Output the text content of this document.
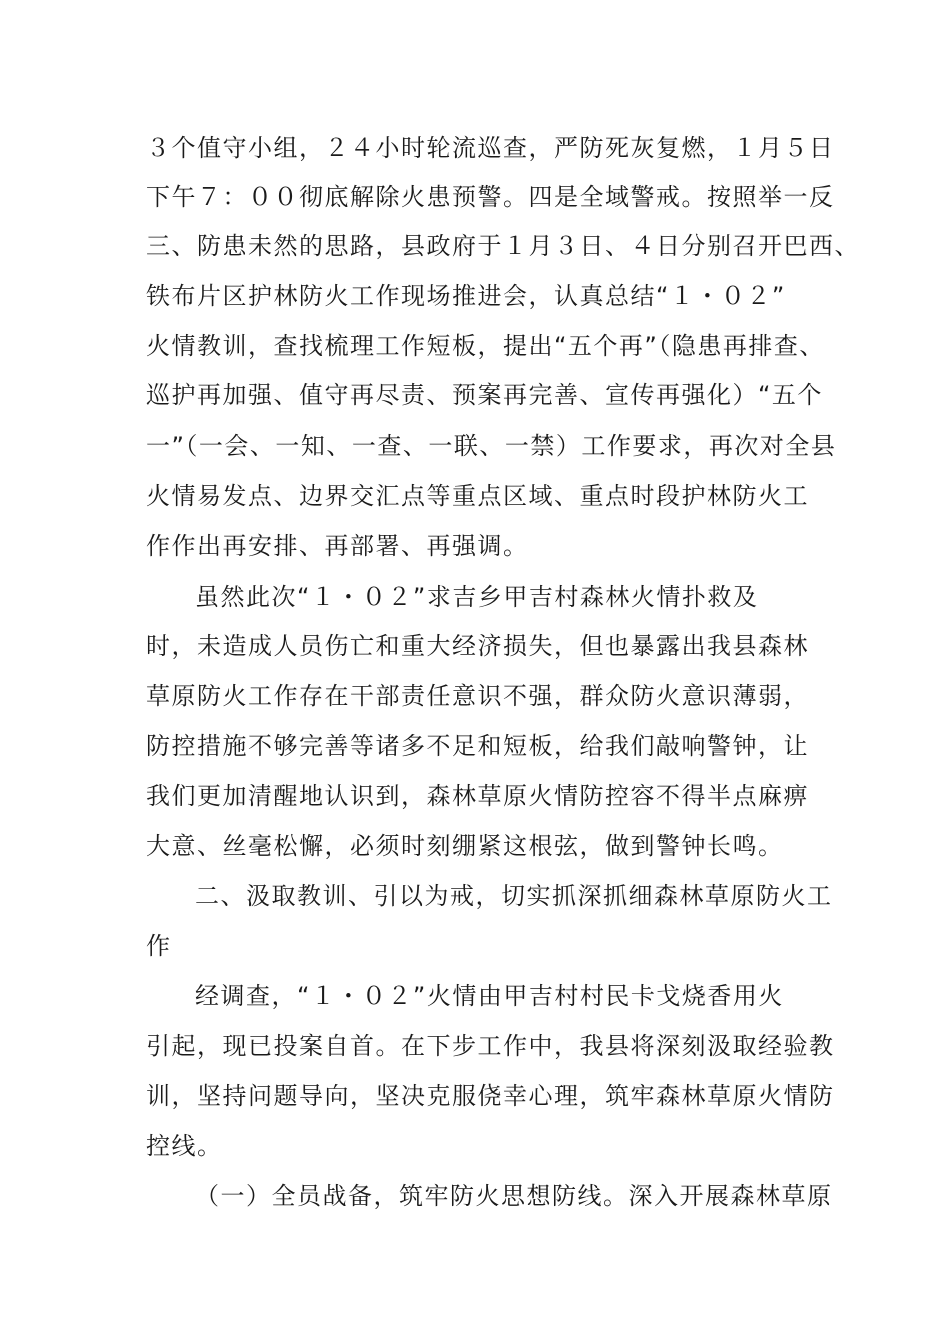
３个值守小组，２４小时轮流巡查，严防死灰复燃，１月５日
下午７：００彻底解除火患预警。四是全域警戒。按照举一反
三、防患未然的思路，县政府于１月３日、４日分别召开巴西、
铁布片区护林防火工作现场推进会，认真总结“１・０２”
火情教训，查找梳理工作短板，提出“五个再”（隐患再排查、
巡护再加强、值守再尽责、预案再完善、宣传再强化）“五个
一”（一会、一知、一查、一联、一禁）工作要求，再次对全县
火情易发点、边界交汇点等重点区域、重点时段护林防火工
作作出再安排、再部署、再强调。
虽然此次“１・０２”求吉乡甲吉村森林火情扑救及
时，未造成人员伤亡和重大经济损失，但也暴露出我县森林
草原防火工作存在干部责任意识不强，群众防火意识薄弱，
防控措施不够完善等诸多不足和短板，给我们敲响警钟，让
我们更加清醒地认识到，森林草原火情防控容不得半点麻痹
大意、丝毫松懈，必须时刻绷紧这根弦，做到警钟长鸣。
二、汲取教训、引以为戒，切实抓深抓细森林草原防火工
作
经调查，“１・０２”火情由甲吉村村民卡戈烧香用火
引起，现已投案自首。在下步工作中，我县将深刻汲取经验教
训，坚持问题导向，坚决克服侥幸心理，筑牢森林草原火情防
控线。
（一）全员战备，筑牢防火思想防线。深入开展森林草原
